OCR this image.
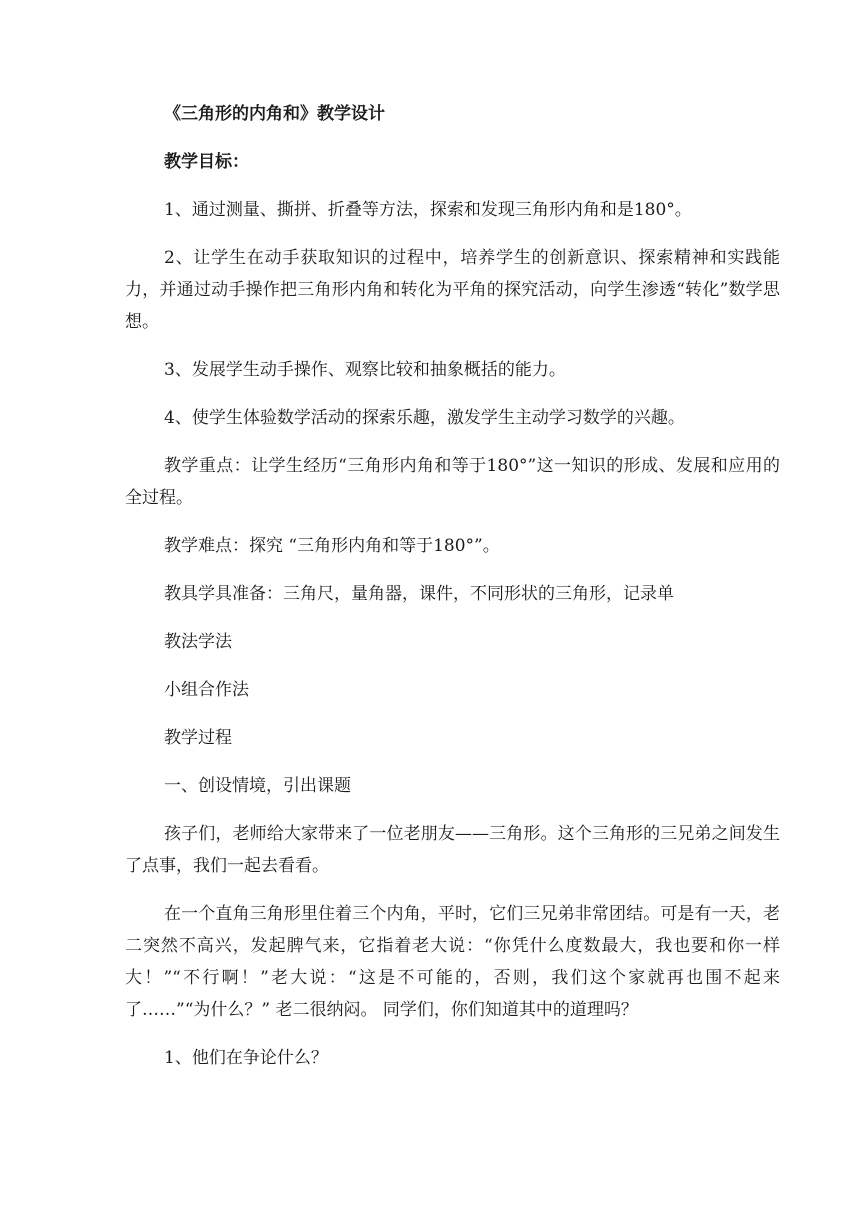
《三角形的内角和》教学设计

教学目标：

1、通过测量、撕拼、折叠等方法，探索和发现三角形内角和是180°。

2、让学生在动手获取知识的过程中，培养学生的创新意识、探索精神和实践能力，并通过动手操作把三角形内角和转化为平角的探究活动，向学生渗透“转化”数学思想。

3、发展学生动手操作、观察比较和抽象概括的能力。

4、使学生体验数学活动的探索乐趣，激发学生主动学习数学的兴趣。

教学重点：让学生经历“三角形内角和等于180°”这一知识的形成、发展和应用的全过程。

教学难点：探究 “三角形内角和等于180°”。

教具学具准备：三角尺，量角器，课件，不同形状的三角形，记录单

教法学法

小组合作法

教学过程

一、创设情境，引出课题

孩子们，老师给大家带来了一位老朋友——三角形。这个三角形的三兄弟之间发生了点事，我们一起去看看。

在一个直角三角形里住着三个内角，平时，它们三兄弟非常团结。可是有一天，老二突然不高兴，发起脾气来，它指着老大说：“你凭什么度数最大，我也要和你一样大！”“不行啊！”老大说：“这是不可能的，否则，我们这个家就再也围不起来了……”“为什么？” 老二很纳闷。 同学们，你们知道其中的道理吗？

1、他们在争论什么？
